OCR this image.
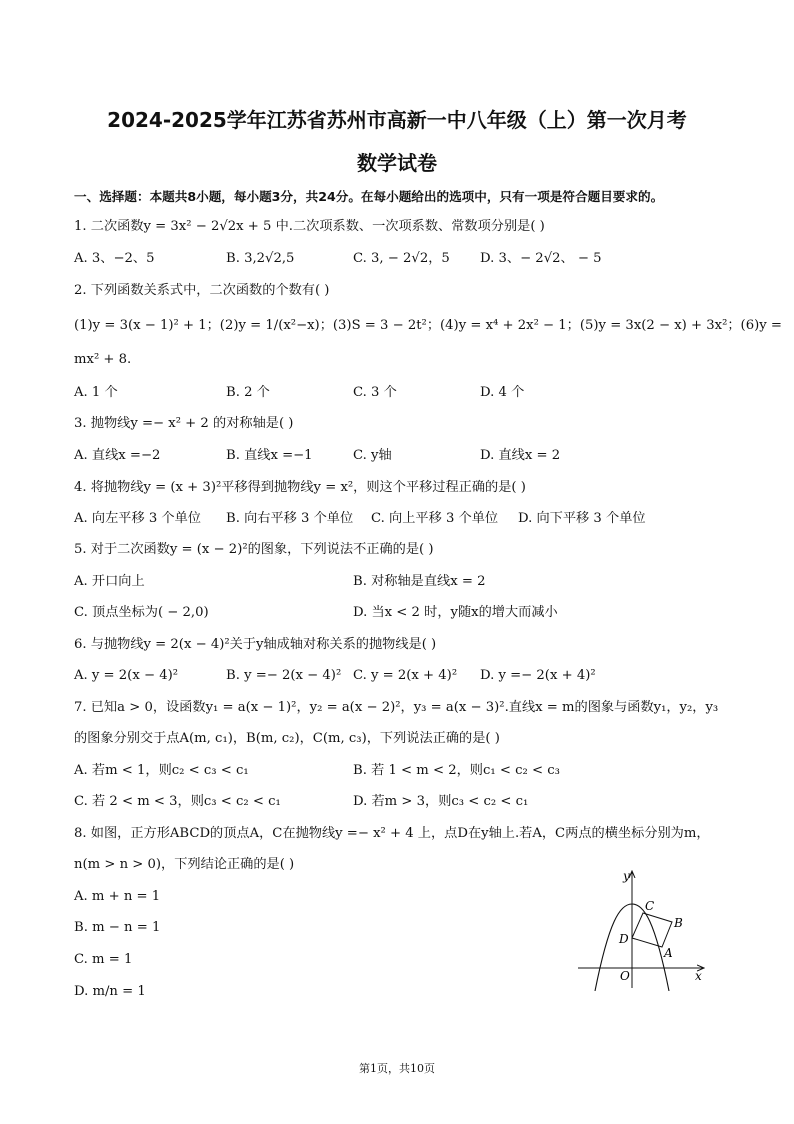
2024-2025学年江苏省苏州市高新一中八年级（上）第一次月考
数学试卷
一、选择题：本题共8小题，每小题3分，共24分。在每小题给出的选项中，只有一项是符合题目要求的。
1. 二次函数y = 3x² − 2√2x + 5 中.二次项系数、一次项系数、常数项分别是( )
A. 3、−2、5	B. 3,2√2,5	C. 3, − 2√2，5 D. 3、− 2√2、 − 5
2. 下列函数关系式中，二次函数的个数有( )
(1)y = 3(x − 1)² + 1；(2)y = 1/(x²−x)；(3)S = 3 − 2t²；(4)y = x⁴ + 2x² − 1；(5)y = 3x(2 − x) + 3x²；(6)y =
mx² + 8.
A. 1 个	B. 2 个	C. 3 个	D. 4 个
3. 抛物线y =− x² + 2 的对称轴是( )
A. 直线x =−2	B. 直线x =−1	C. y轴	D. 直线x = 2
4. 将抛物线y = (x + 3)²平移得到抛物线y = x²，则这个平移过程正确的是( )
A. 向左平移 3 个单位 B. 向右平移 3 个单位 C. 向上平移 3 个单位 D. 向下平移 3 个单位
5. 对于二次函数y = (x − 2)²的图象，下列说法不正确的是( )
A. 开口向上	B. 对称轴是直线x = 2
C. 顶点坐标为( − 2,0)	D. 当x < 2 时，y随x的增大而减小
6. 与抛物线y = 2(x − 4)²关于y轴成轴对称关系的抛物线是( )
A. y = 2(x − 4)²	B. y =− 2(x − 4)² C. y = 2(x + 4)² D. y =− 2(x + 4)²
7. 已知a > 0，设函数y₁ = a(x − 1)²，y₂ = a(x − 2)²，y₃ = a(x − 3)².直线x = m的图象与函数y₁，y₂，y₃
的图象分别交于点A(m, c₁)，B(m, c₂)，C(m, c₃)，下列说法正确的是( )
A. 若m < 1，则c₂ < c₃ < c₁	B. 若 1 < m < 2，则c₁ < c₂ < c₃
C. 若 2 < m < 3，则c₃ < c₂ < c₁	D. 若m > 3，则c₃ < c₂ < c₁
8. 如图，正方形ABCD的顶点A，C在抛物线y =− x² + 4 上，点D在y轴上.若A，C两点的横坐标分别为m，
n(m > n > 0)，下列结论正确的是( )
A. m + n = 1
B. m − n = 1
C. m = 1
D. m/n = 1
y
C
B
D
A
O	x
第1页，共10页
